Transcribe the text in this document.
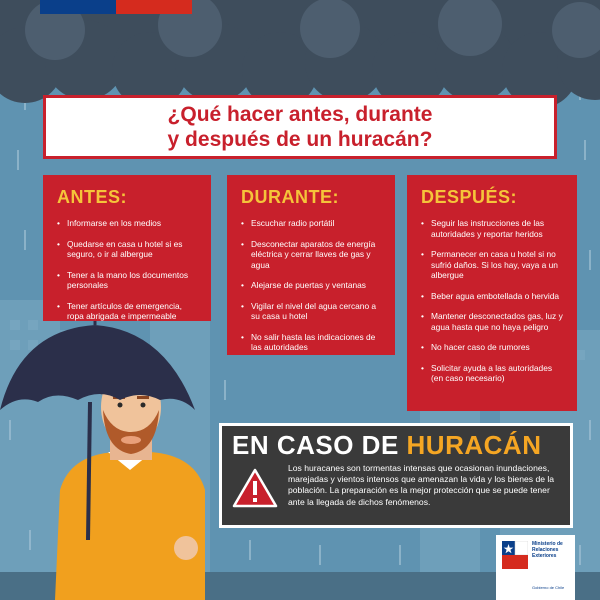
¿Qué hacer antes, durante
y después de un huracán?
ANTES:
• Informarse en los medios
• Quedarse en casa u hotel si es seguro, o ir al albergue
• Tener a la mano los documentos personales
• Tener artículos de emergencia, ropa abrigada e impermeable
DURANTE:
• Escuchar radio portátil
• Desconectar aparatos de energía eléctrica y cerrar llaves de gas y agua
• Alejarse de puertas y ventanas
• Vigilar el nivel del agua cercano a su casa u hotel
• No salir hasta las indicaciones de las autoridades
DESPUÉS:
• Seguir las instrucciones de las autoridades y reportar heridos
• Permanecer en casa u hotel si no sufrió daños. Si los hay, vaya a un albergue
• Beber agua embotellada o hervida
• Mantener desconectados gas, luz y agua hasta que no haya peligro
• No hacer caso de rumores
• Solicitar ayuda a las autoridades (en caso necesario)
EN CASO DE HURACÁN
Los huracanes son tormentas intensas que ocasionan inundaciones, marejadas y vientos intensos que amenazan la vida y los bienes de la población. La preparación es la mejor protección que se puede tener ante la llegada de dichos fenómenos.
Ministerio de Relaciones Exteriores
Gobierno de Chile
